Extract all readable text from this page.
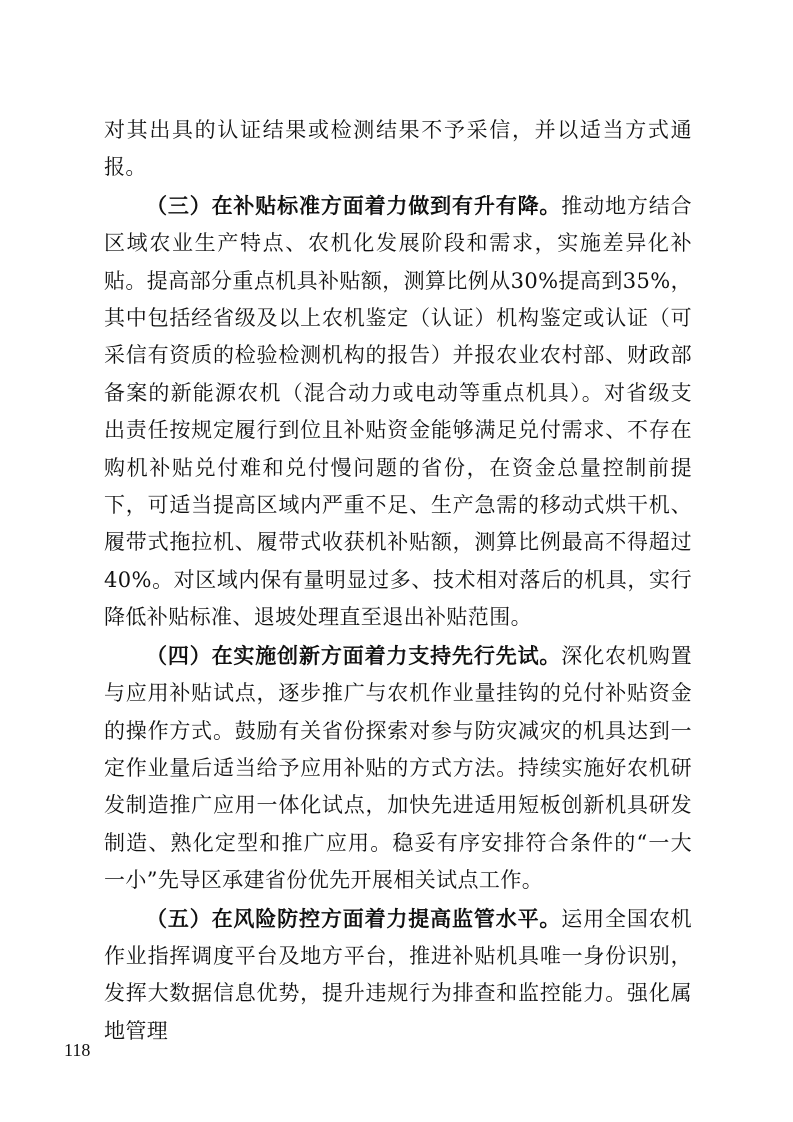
对其出具的认证结果或检测结果不予采信，并以适当方式通报。

（三）在补贴标准方面着力做到有升有降。推动地方结合区域农业生产特点、农机化发展阶段和需求，实施差异化补贴。提高部分重点机具补贴额，测算比例从30%提高到35%，其中包括经省级及以上农机鉴定（认证）机构鉴定或认证（可采信有资质的检验检测机构的报告）并报农业农村部、财政部备案的新能源农机（混合动力或电动等重点机具）。对省级支出责任按规定履行到位且补贴资金能够满足兑付需求、不存在购机补贴兑付难和兑付慢问题的省份，在资金总量控制前提下，可适当提高区域内严重不足、生产急需的移动式烘干机、履带式拖拉机、履带式收获机补贴额，测算比例最高不得超过40%。对区域内保有量明显过多、技术相对落后的机具，实行降低补贴标准、退坡处理直至退出补贴范围。

（四）在实施创新方面着力支持先行先试。深化农机购置与应用补贴试点，逐步推广与农机作业量挂钩的兑付补贴资金的操作方式。鼓励有关省份探索对参与防灾减灾的机具达到一定作业量后适当给予应用补贴的方式方法。持续实施好农机研发制造推广应用一体化试点，加快先进适用短板创新机具研发制造、熟化定型和推广应用。稳妥有序安排符合条件的“一大一小”先导区承建省份优先开展相关试点工作。

（五）在风险防控方面着力提高监管水平。运用全国农机作业指挥调度平台及地方平台，推进补贴机具唯一身份识别，发挥大数据信息优势，提升违规行为排查和监控能力。强化属地管理

118
